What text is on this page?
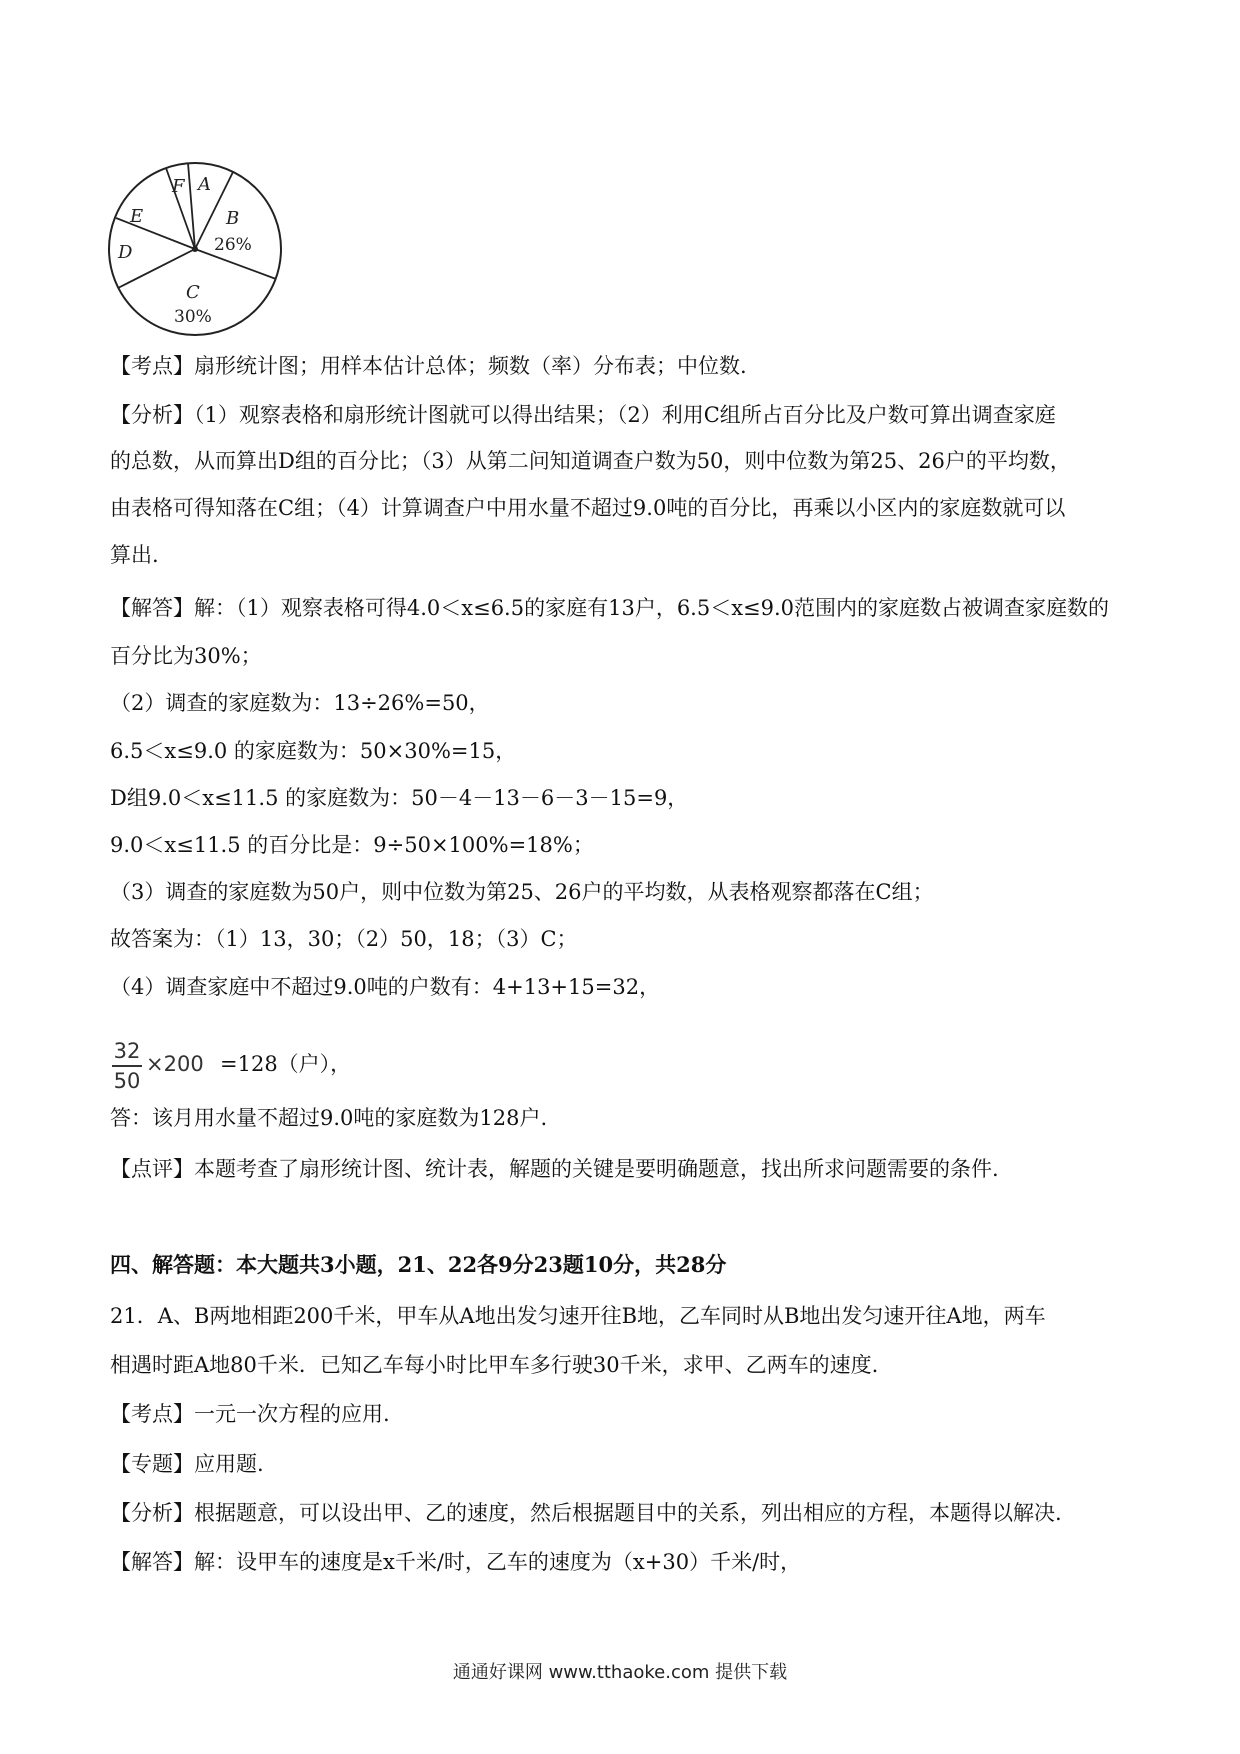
F A
B
26%
E
D
C
30%
【考点】扇形统计图；用样本估计总体；频数（率）分布表；中位数.
【分析】（1）观察表格和扇形统计图就可以得出结果；（2）利用C组所占百分比及户数可算出调查家庭
的总数，从而算出D组的百分比；（3）从第二问知道调查户数为50，则中位数为第25、26户的平均数，
由表格可得知落在C组；（4）计算调查户中用水量不超过9.0吨的百分比，再乘以小区内的家庭数就可以
算出.
【解答】解：（1）观察表格可得4.0＜x≤6.5的家庭有13户，6.5＜x≤9.0范围内的家庭数占被调查家庭数的
百分比为30%；
（2）调查的家庭数为：13÷26%=50，
6.5＜x≤9.0 的家庭数为：50×30%=15，
D组9.0＜x≤11.5 的家庭数为：50－4－13－6－3－15=9，
9.0＜x≤11.5 的百分比是：9÷50×100%=18%；
（3）调查的家庭数为50户，则中位数为第25、26户的平均数，从表格观察都落在C组；
故答案为：（1）13，30；（2）50，18；（3）C；
（4）调查家庭中不超过9.0吨的户数有：4+13+15=32，
=128（户），
答：该月用水量不超过9.0吨的家庭数为128户.
【点评】本题考查了扇形统计图、统计表，解题的关键是要明确题意，找出所求问题需要的条件.
四、解答题：本大题共3小题，21、22各9分23题10分，共28分
21．A、B两地相距200千米，甲车从A地出发匀速开往B地，乙车同时从B地出发匀速开往A地，两车
相遇时距A地80千米．已知乙车每小时比甲车多行驶30千米，求甲、乙两车的速度.
【考点】一元一次方程的应用.
【专题】应用题.
【分析】根据题意，可以设出甲、乙的速度，然后根据题目中的关系，列出相应的方程，本题得以解决.
【解答】解：设甲车的速度是x千米/时，乙车的速度为（x+30）千米/时，
32
50
×200
通通好课网 www.tthaoke.com 提供下载
